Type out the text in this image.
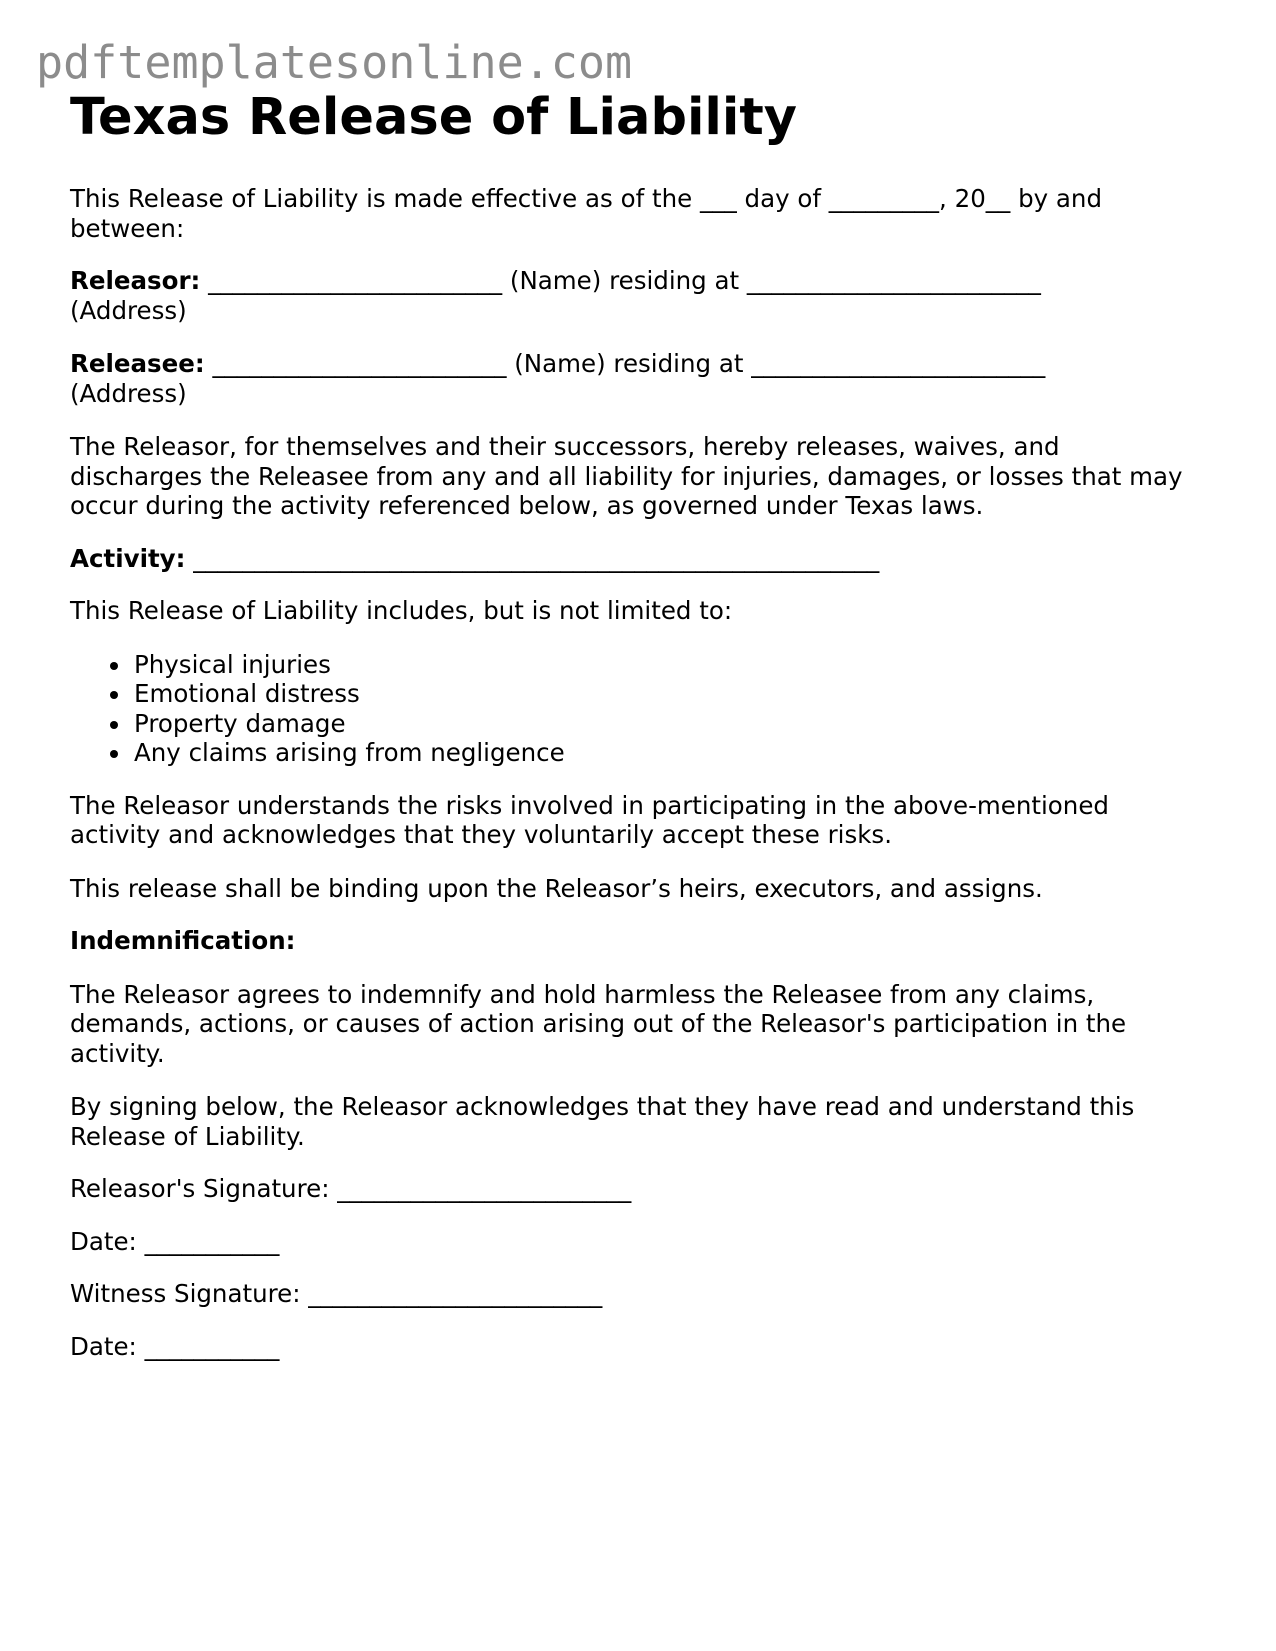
pdftemplatesonline.com
Texas Release of Liability

This Release of Liability is made effective as of the ___ day of _________, 20__ by and
between:

Releasor: ________________________ (Name) residing at ________________________
(Address)

Releasee: ________________________ (Name) residing at ________________________
(Address)

The Releasor, for themselves and their successors, hereby releases, waives, and
discharges the Releasee from any and all liability for injuries, damages, or losses that may
occur during the activity referenced below, as governed under Texas laws.

Activity: ________________________________________________________

This Release of Liability includes, but is not limited to:

• Physical injuries
• Emotional distress
• Property damage
• Any claims arising from negligence

The Releasor understands the risks involved in participating in the above-mentioned
activity and acknowledges that they voluntarily accept these risks.

This release shall be binding upon the Releasor’s heirs, executors, and assigns.

Indemnification:

The Releasor agrees to indemnify and hold harmless the Releasee from any claims,
demands, actions, or causes of action arising out of the Releasor's participation in the
activity.

By signing below, the Releasor acknowledges that they have read and understand this
Release of Liability.

Releasor's Signature: ________________________

Date: ___________

Witness Signature: ________________________

Date: ___________
